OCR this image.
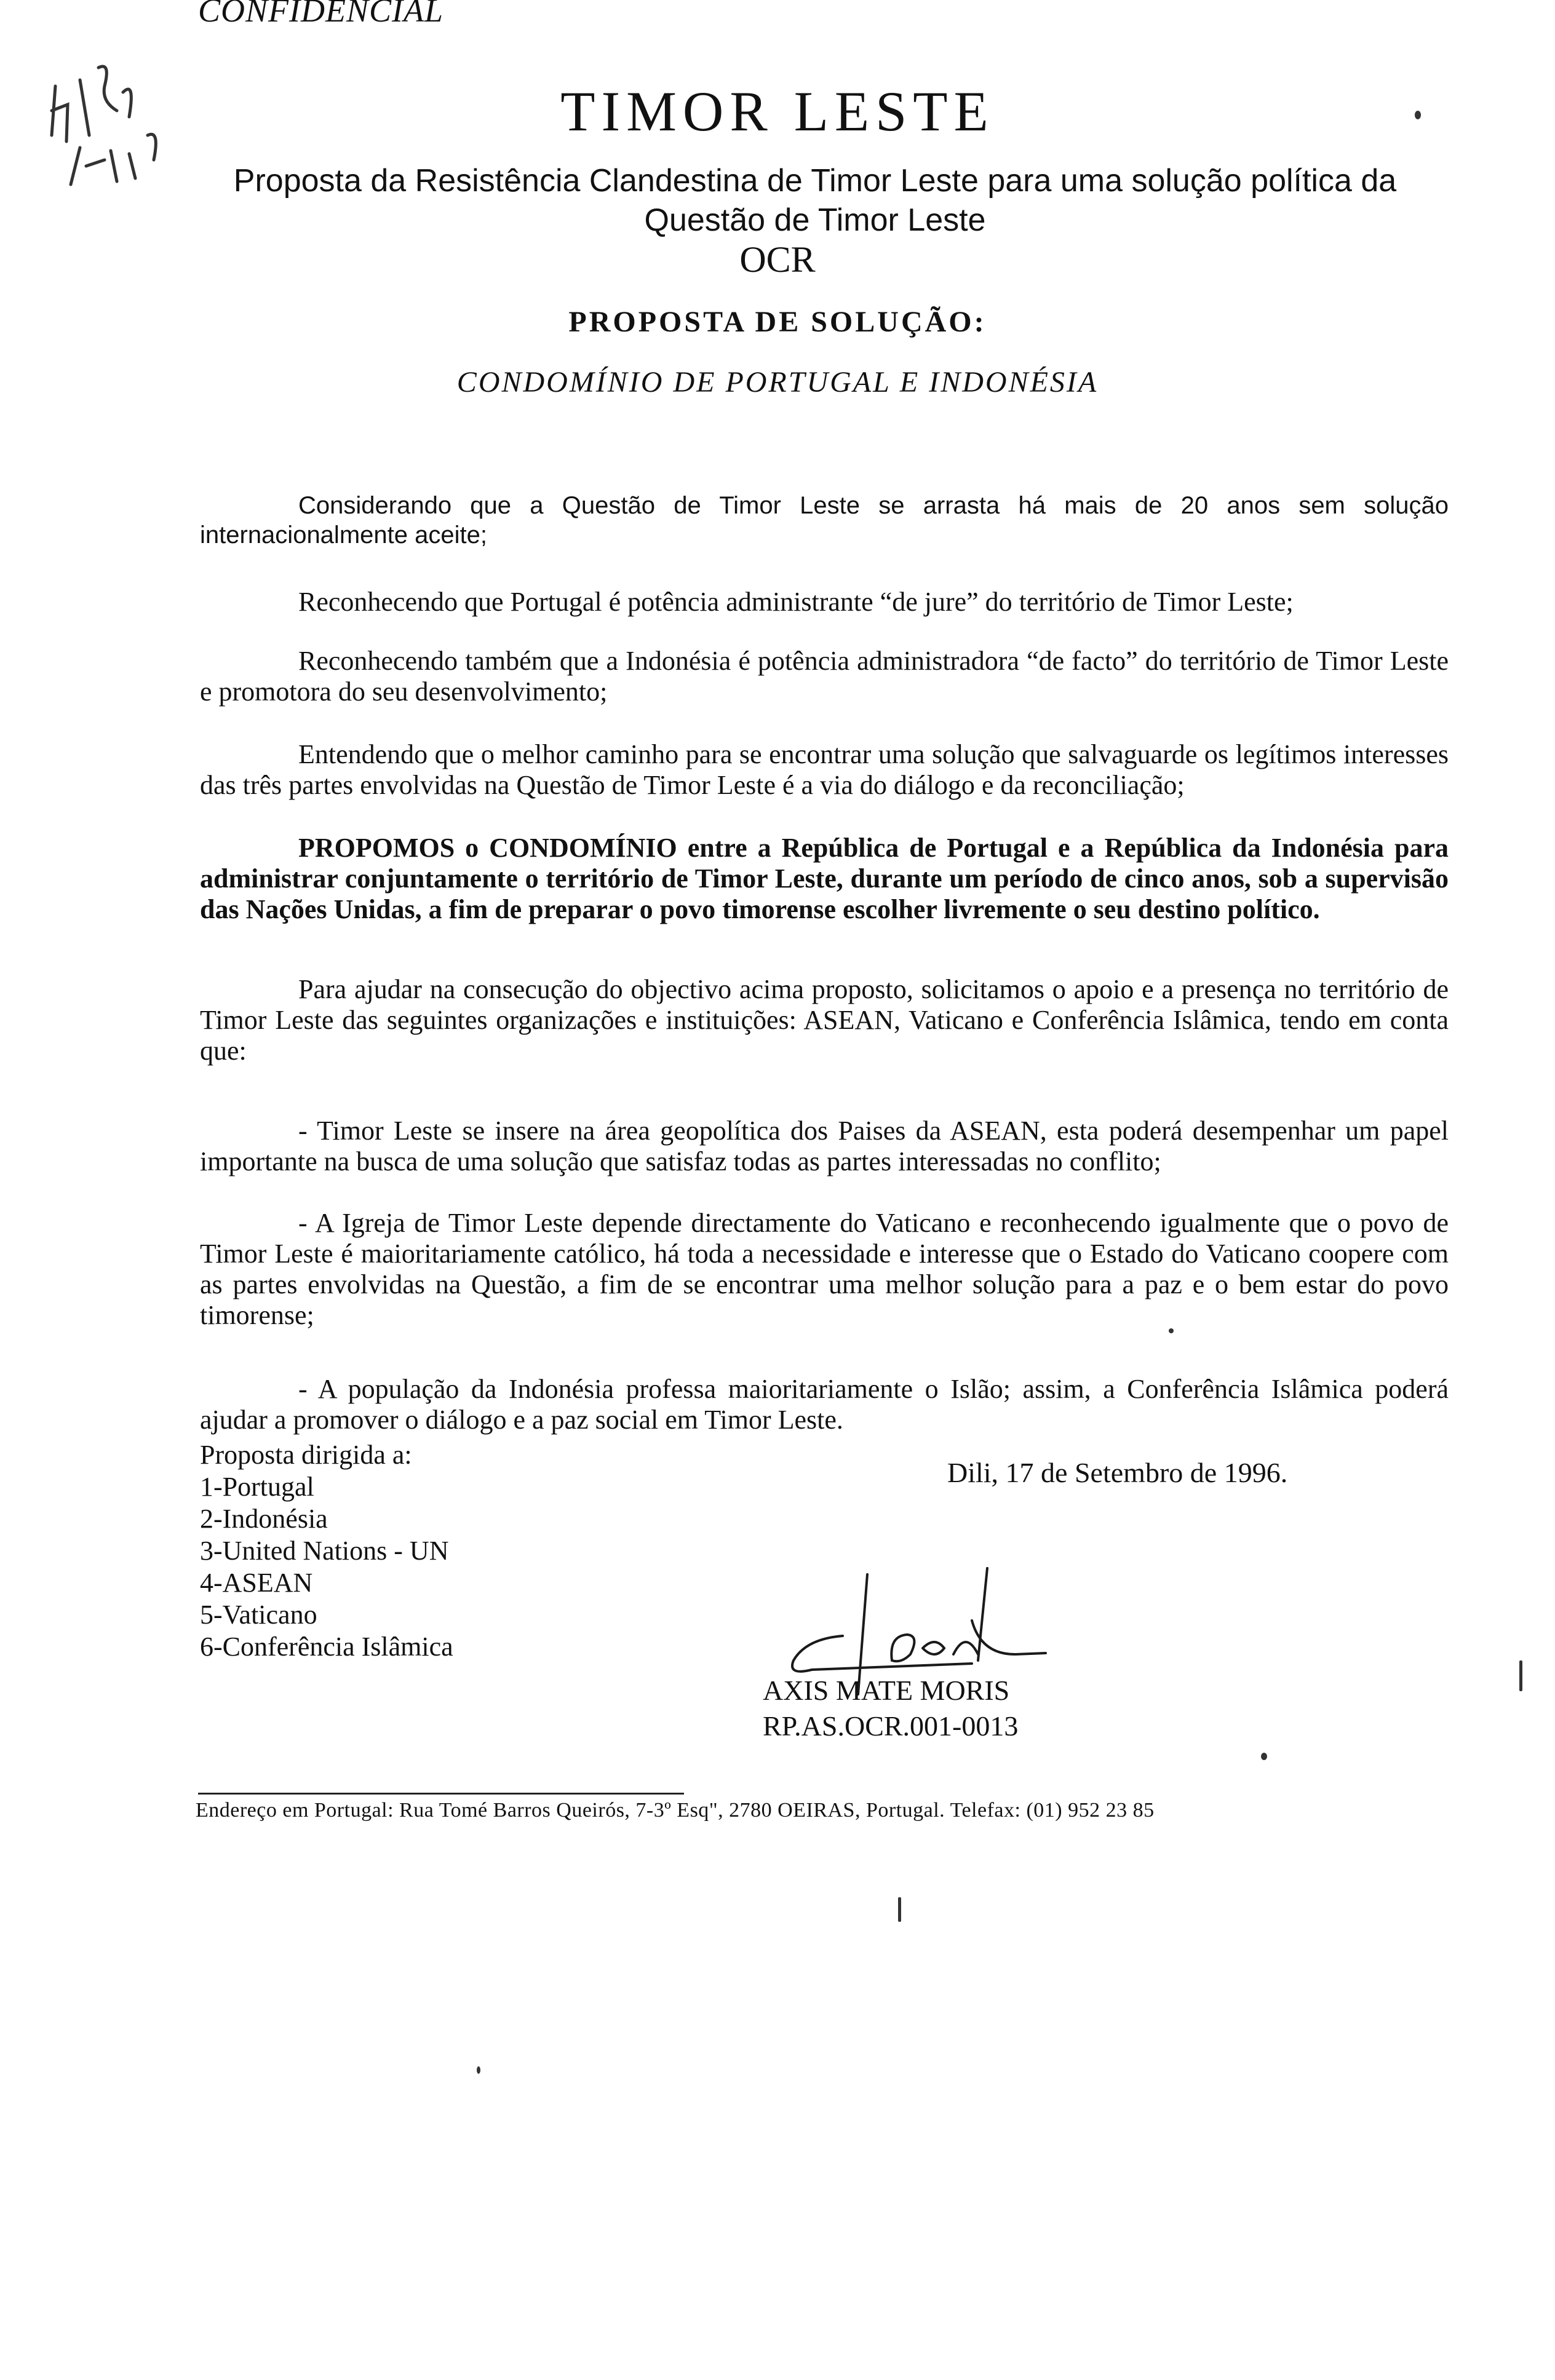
CONFIDENCIAL
TIMOR LESTE
Proposta da Resistência Clandestina de Timor Leste para uma solução política da Questão de Timor Leste
OCR
PROPOSTA DE SOLUÇÃO:
CONDOMÍNIO DE PORTUGAL E INDONÉSIA

Considerando que a Questão de Timor Leste se arrasta há mais de 20 anos sem solução internacionalmente aceite;

Reconhecendo que Portugal é potência administrante “de jure” do território de Timor Leste;

Reconhecendo também que a Indonésia é potência administradora “de facto” do território de Timor Leste e promotora do seu desenvolvimento;

Entendendo que o melhor caminho para se encontrar uma solução que salvaguarde os legítimos interesses das três partes envolvidas na Questão de Timor Leste é a via do diálogo e da reconciliação;

PROPOMOS o CONDOMÍNIO entre a República de Portugal e a República da Indonésia para administrar conjuntamente o território de Timor Leste, durante um período de cinco anos, sob a supervisão das Nações Unidas, a fim de preparar o povo timorense escolher livremente o seu destino político.

Para ajudar na consecução do objectivo acima proposto, solicitamos o apoio e a presença no território de Timor Leste das seguintes organizações e instituições: ASEAN, Vaticano e Conferência Islâmica, tendo em conta que:

- Timor Leste se insere na área geopolítica dos Paises da ASEAN, esta poderá desempenhar um papel importante na busca de uma solução que satisfaz todas as partes interessadas no conflito;

- A Igreja de Timor Leste depende directamente do Vaticano e reconhecendo igualmente que o povo de Timor Leste é maioritariamente católico, há toda a necessidade e interesse que o Estado do Vaticano coopere com as partes envolvidas na Questão, a fim de se encontrar uma melhor solução para a paz e o bem estar do povo timorense;

- A população da Indonésia professa maioritariamente o Islão; assim, a Conferência Islâmica poderá ajudar a promover o diálogo e a paz social em Timor Leste.

Proposta dirigida a:
1-Portugal
2-Indonésia
3-United Nations - UN
4-ASEAN
5-Vaticano
6-Conferência Islâmica
Dili, 17 de Setembro de 1996.
AXIS MATE MORIS
RP.AS.OCR.001-0013
Endereço em Portugal: Rua Tomé Barros Queirós, 7-3º Esq", 2780 OEIRAS, Portugal. Telefax: (01) 952 23 85
